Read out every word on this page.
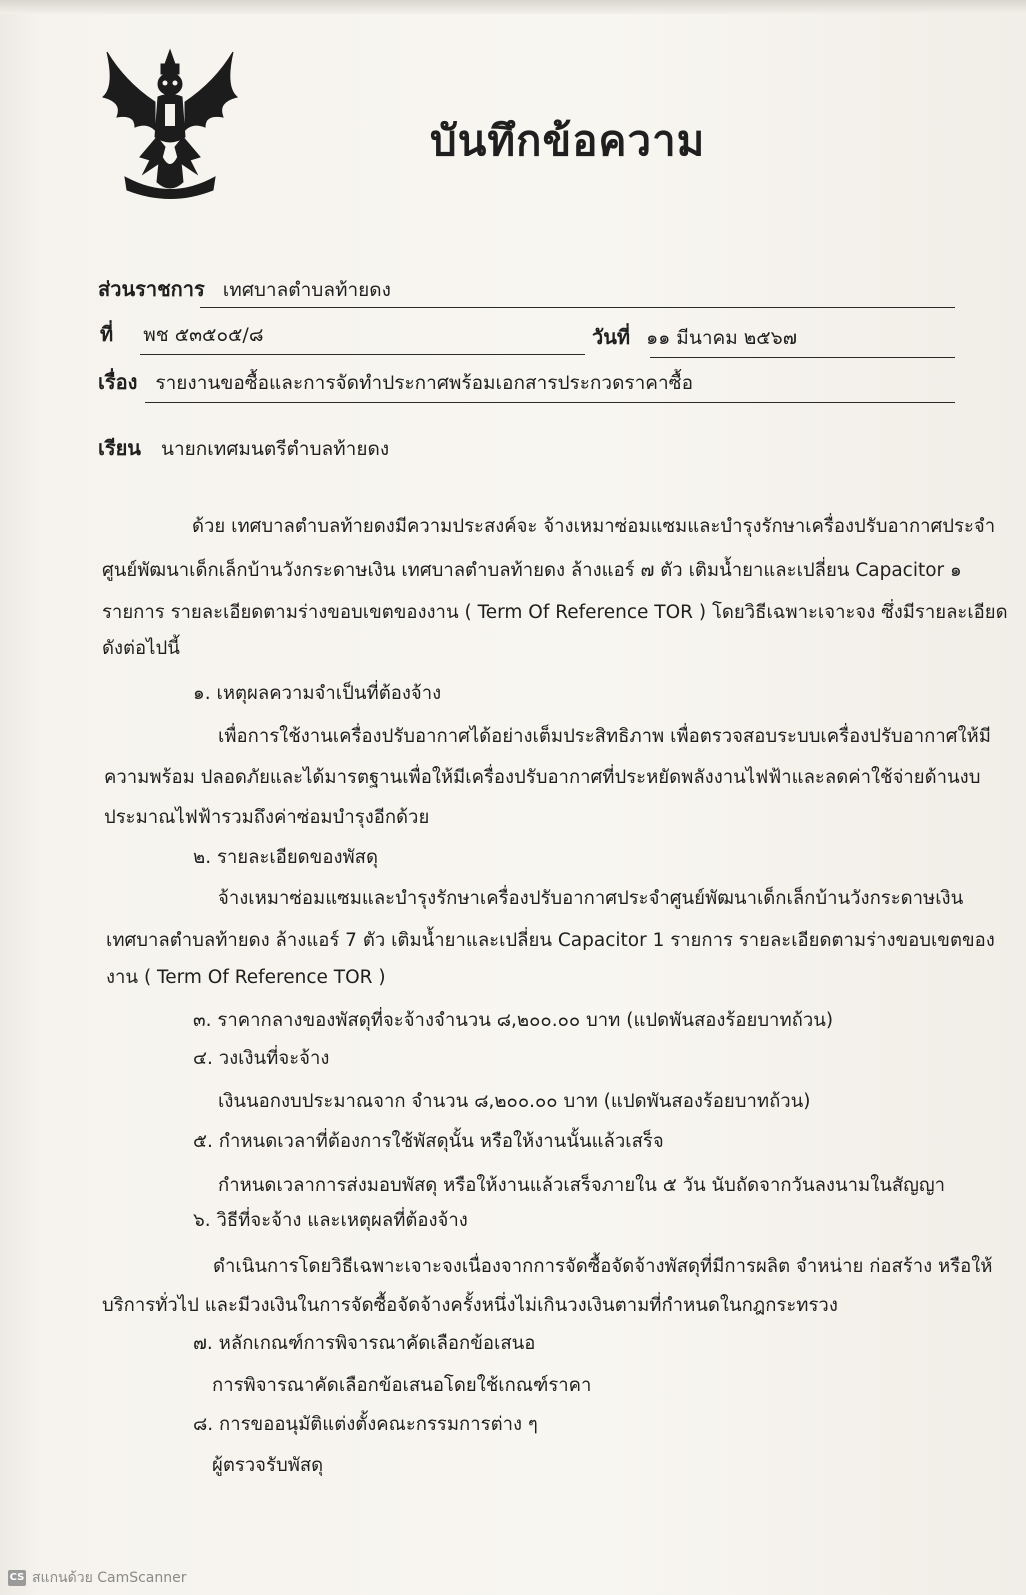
บันทึกข้อความ
ส่วนราชการ เทศบาลตำบลท้ายดง
ที่ พช ๕๓๕๐๕/๘	วันที่ ๑๑ มีนาคม ๒๕๖๗
เรื่อง รายงานขอซื้อและการจัดทำประกาศพร้อมเอกสารประกวดราคาซื้อ
เรียน นายกเทศมนตรีตำบลท้ายดง
ด้วย เทศบาลตำบลท้ายดงมีความประสงค์จะ จ้างเหมาซ่อมแซมและบำรุงรักษาเครื่องปรับอากาศประจำ
ศูนย์พัฒนาเด็กเล็กบ้านวังกระดาษเงิน เทศบาลตำบลท้ายดง ล้างแอร์ ๗ ตัว เติมน้ำยาและเปลี่ยน Capacitor ๑
รายการ รายละเอียดตามร่างขอบเขตของงาน ( Term Of Reference TOR ) โดยวิธีเฉพาะเจาะจง ซึ่งมีรายละเอียด
ดังต่อไปนี้
๑. เหตุผลความจำเป็นที่ต้องจ้าง
เพื่อการใช้งานเครื่องปรับอากาศได้อย่างเต็มประสิทธิภาพ เพื่อตรวจสอบระบบเครื่องปรับอากาศให้มี
ความพร้อม ปลอดภัยและได้มารตฐานเพื่อให้มีเครื่องปรับอากาศที่ประหยัดพลังงานไฟฟ้าและลดค่าใช้จ่ายด้านงบ
ประมาณไฟฟ้ารวมถึงค่าซ่อมบำรุงอีกด้วย
๒. รายละเอียดของพัสดุ
จ้างเหมาซ่อมแซมและบำรุงรักษาเครื่องปรับอากาศประจำศูนย์พัฒนาเด็กเล็กบ้านวังกระดาษเงิน
เทศบาลตำบลท้ายดง ล้างแอร์ 7 ตัว เติมน้ำยาและเปลี่ยน Capacitor 1 รายการ รายละเอียดตามร่างขอบเขตของ
งาน ( Term Of Reference TOR )
๓. ราคากลางของพัสดุที่จะจ้างจำนวน ๘,๒๐๐.๐๐ บาท (แปดพันสองร้อยบาทถ้วน)
๔. วงเงินที่จะจ้าง
เงินนอกงบประมาณจาก จำนวน ๘,๒๐๐.๐๐ บาท (แปดพันสองร้อยบาทถ้วน)
๕. กำหนดเวลาที่ต้องการใช้พัสดุนั้น หรือให้งานนั้นแล้วเสร็จ
กำหนดเวลาการส่งมอบพัสดุ หรือให้งานแล้วเสร็จภายใน ๕ วัน นับถัดจากวันลงนามในสัญญา
๖. วิธีที่จะจ้าง และเหตุผลที่ต้องจ้าง
ดำเนินการโดยวิธีเฉพาะเจาะจงเนื่องจากการจัดซื้อจัดจ้างพัสดุที่มีการผลิต จำหน่าย ก่อสร้าง หรือให้
บริการทั่วไป และมีวงเงินในการจัดซื้อจัดจ้างครั้งหนึ่งไม่เกินวงเงินตามที่กำหนดในกฎกระทรวง
๗. หลักเกณฑ์การพิจารณาคัดเลือกข้อเสนอ
การพิจารณาคัดเลือกข้อเสนอโดยใช้เกณฑ์ราคา
๘. การขออนุมัติแต่งตั้งคณะกรรมการต่าง ๆ
ผู้ตรวจรับพัสดุ
CS สแกนด้วย CamScanner
